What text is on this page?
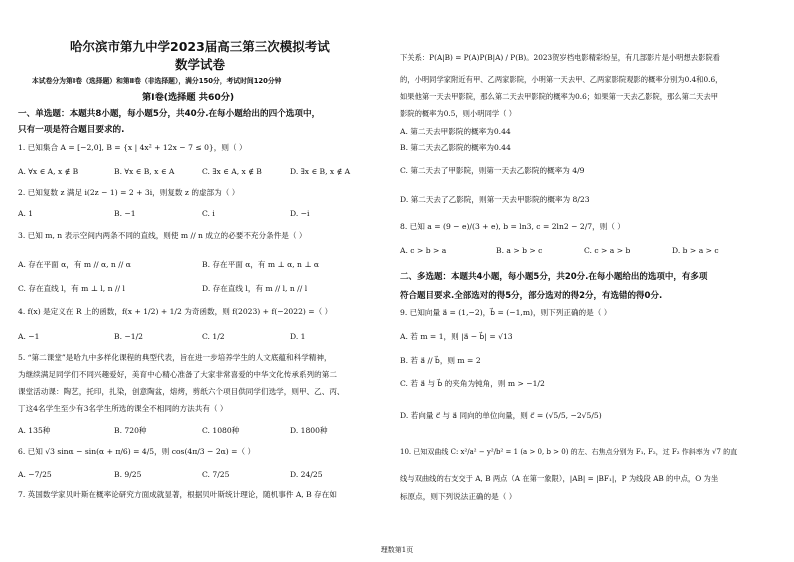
哈尔滨市第九中学2023届高三第三次模拟考试
数学试卷
本试卷分为第Ⅰ卷（选择题）和第Ⅱ卷（非选择题），满分150分，考试时间120分钟
第Ⅰ卷(选择题 共60分)
一、单选题：本题共8小题，每小题5分，共40分.在每小题给出的四个选项中，
只有一项是符合题目要求的.
1. 已知集合 A = [−2,0], B = {x | 4x² + 12x − 7 ≤ 0}，则（ ）
A. ∀x ∈ A, x ∉ B	B. ∀x ∈ B, x ∈ A	C. ∃x ∈ A, x ∉ B	D. ∃x ∈ B, x ∉ A
2. 已知复数 z 满足 i(2z − 1) = 2 + 3i，则复数 z 的虚部为（ ）
A. 1	B. −1	C. i	D. −i
3. 已知 m, n 表示空间内两条不同的直线，则使 m // n 成立的必要不充分条件是（ ）
A. 存在平面 α，有 m // α, n // α	B. 存在平面 α，有 m ⊥ α, n ⊥ α
C. 存在直线 l，有 m ⊥ l, n // l	D. 存在直线 l，有 m // l, n // l
4. f(x) 是定义在 R 上的函数，f(x + 1/2) + 1/2 为奇函数，则 f(2023) + f(−2022) =（ ）
A. −1	B. −1/2	C. 1/2	D. 1
5. “第二课堂”是哈九中多样化课程的典型代表，旨在进一步培养学生的人文底蕴和科学精神，
为继续满足同学们不同兴趣爱好，美育中心精心准备了大家非常喜爱的中华文化传承系列的第二
课堂活动课：陶艺，托印，扎染，创意陶盆，熔烤，剪纸六个项目供同学们选学，则甲、乙、丙、
丁这4名学生至少有3名学生所选的课全不相同的方法共有（ ）
A. 135种	B. 720种	C. 1080种	D. 1800种
6. 已知 √3 sinα − sin(α + π/6) = 4/5，则 cos(4π/3 − 2α) =（ ）
A. −7/25	B. 9/25	C. 7/25	D. 24/25
7. 英国数学家贝叶斯在概率论研究方面成就显著，根据贝叶斯统计理论，随机事件 A, B 存在如
下关系：P(A|B) = P(A)P(B|A) / P(B)。2023贺岁档电影精彩纷呈，有几部影片是小明想去影院看
的，小明同学家附近有甲、乙两家影院，小明第一天去甲、乙两家影院观影的概率分别为0.4和0.6，
如果他第一天去甲影院，那么第二天去甲影院的概率为0.6；如果第一天去乙影院，那么第二天去甲
影院的概率为0.5，则小明同学（ ）
A. 第二天去甲影院的概率为0.44
B. 第二天去乙影院的概率为0.44
C. 第二天去了甲影院，则第一天去乙影院的概率为 4/9
D. 第二天去了乙影院，则第一天去甲影院的概率为 8/23
8. 已知 a = (9 − e)/(3 + e), b = ln3, c = 2ln2 − 2/7，则（ ）
A. c > b > a	B. a > b > c	C. c > a > b	D. b > a > c
二、多选题：本题共4小题，每小题5分，共20分.在每小题给出的选项中，有多项
符合题目要求.全部选对的得5分，部分选对的得2分，有选错的得0分.
9. 已知向量 a⃗ = (1,−2)，b⃗ = (−1,m)，则下列正确的是（ ）
A. 若 m = 1，则 |a⃗ − b⃗| = √13
B. 若 a⃗ // b⃗，则 m = 2
C. 若 a⃗ 与 b⃗ 的夹角为钝角，则 m > −1/2
D. 若向量 c⃗ 与 a⃗ 同向的单位向量，则 c⃗ = (√5/5, −2√5/5)
10. 已知双曲线 C: x²/a² − y²/b² = 1 (a > 0, b > 0) 的左、右焦点分别为 F₁, F₂，过 F₂ 作斜率为 √7 的直
线与双曲线的右支交于 A, B 两点（A 在第一象限），|AB| = |BF₁|，P 为线段 AB 的中点，O 为坐
标原点，则下列说法正确的是（ ）
理数第1页
